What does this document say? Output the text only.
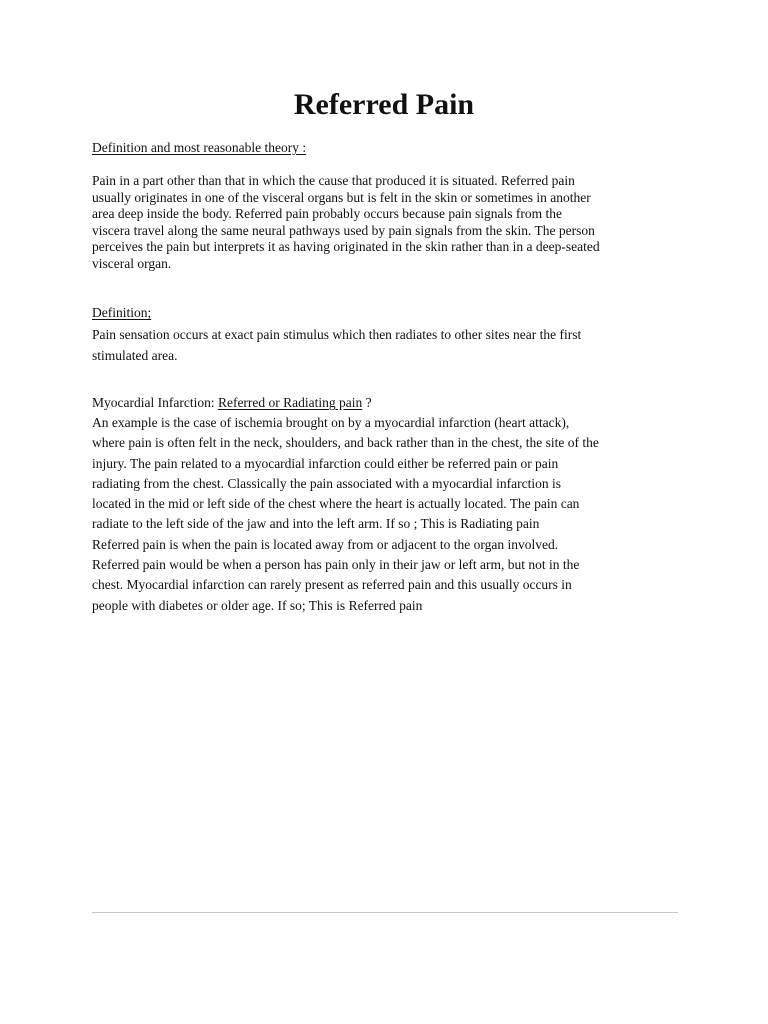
Referred Pain

Definition and most reasonable theory :

Pain in a part other than that in which the cause that produced it is situated. Referred pain
usually originates in one of the visceral organs but is felt in the skin or sometimes in another
area deep inside the body. Referred pain probably occurs because pain signals from the
viscera travel along the same neural pathways used by pain signals from the skin. The person
perceives the pain but interprets it as having originated in the skin rather than in a deep-seated
visceral organ.

Definition;

Pain sensation occurs at exact pain stimulus which then radiates to other sites near the first
stimulated area.

Myocardial Infarction: Referred or Radiating pain ?

An example is the case of ischemia brought on by a myocardial infarction (heart attack),
where pain is often felt in the neck, shoulders, and back rather than in the chest, the site of the
injury. The pain related to a myocardial infarction could either be referred pain or pain
radiating from the chest. Classically the pain associated with a myocardial infarction is
located in the mid or left side of the chest where the heart is actually located. The pain can
radiate to the left side of the jaw and into the left arm. If so ; This is Radiating pain
Referred pain is when the pain is located away from or adjacent to the organ involved.
Referred pain would be when a person has pain only in their jaw or left arm, but not in the
chest. Myocardial infarction can rarely present as referred pain and this usually occurs in
people with diabetes or older age. If so; This is Referred pain
